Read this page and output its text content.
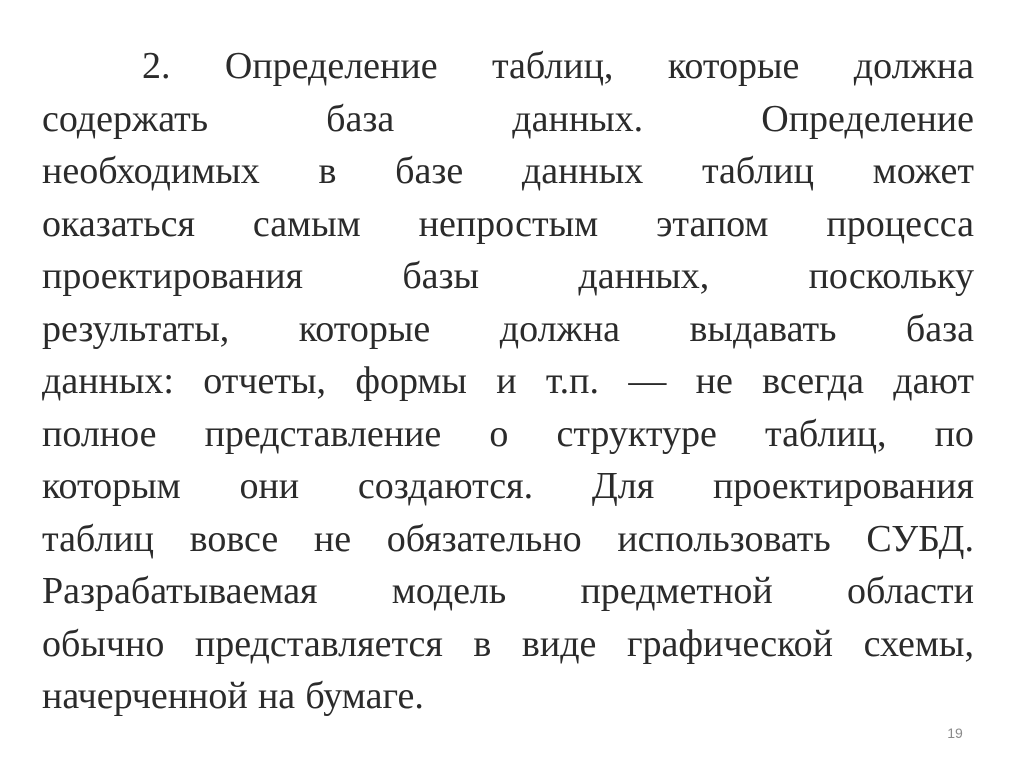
2. Определение таблиц, которые должна
содержать	база	данных.	Определение
необходимых в базе данных таблиц может
оказаться самым непростым этапом процесса
проектирования	базы	данных,	поскольку
результаты, которые должна выдавать база
данных: отчеты, формы и т.п. — не всегда дают
полное представление о структуре таблиц, по
которым они создаются. Для проектирования
таблиц вовсе не обязательно использовать СУБД.
Разрабатываемая модель предметной области
обычно представляется в виде графической схемы,
начерченной на бумаге.
19
